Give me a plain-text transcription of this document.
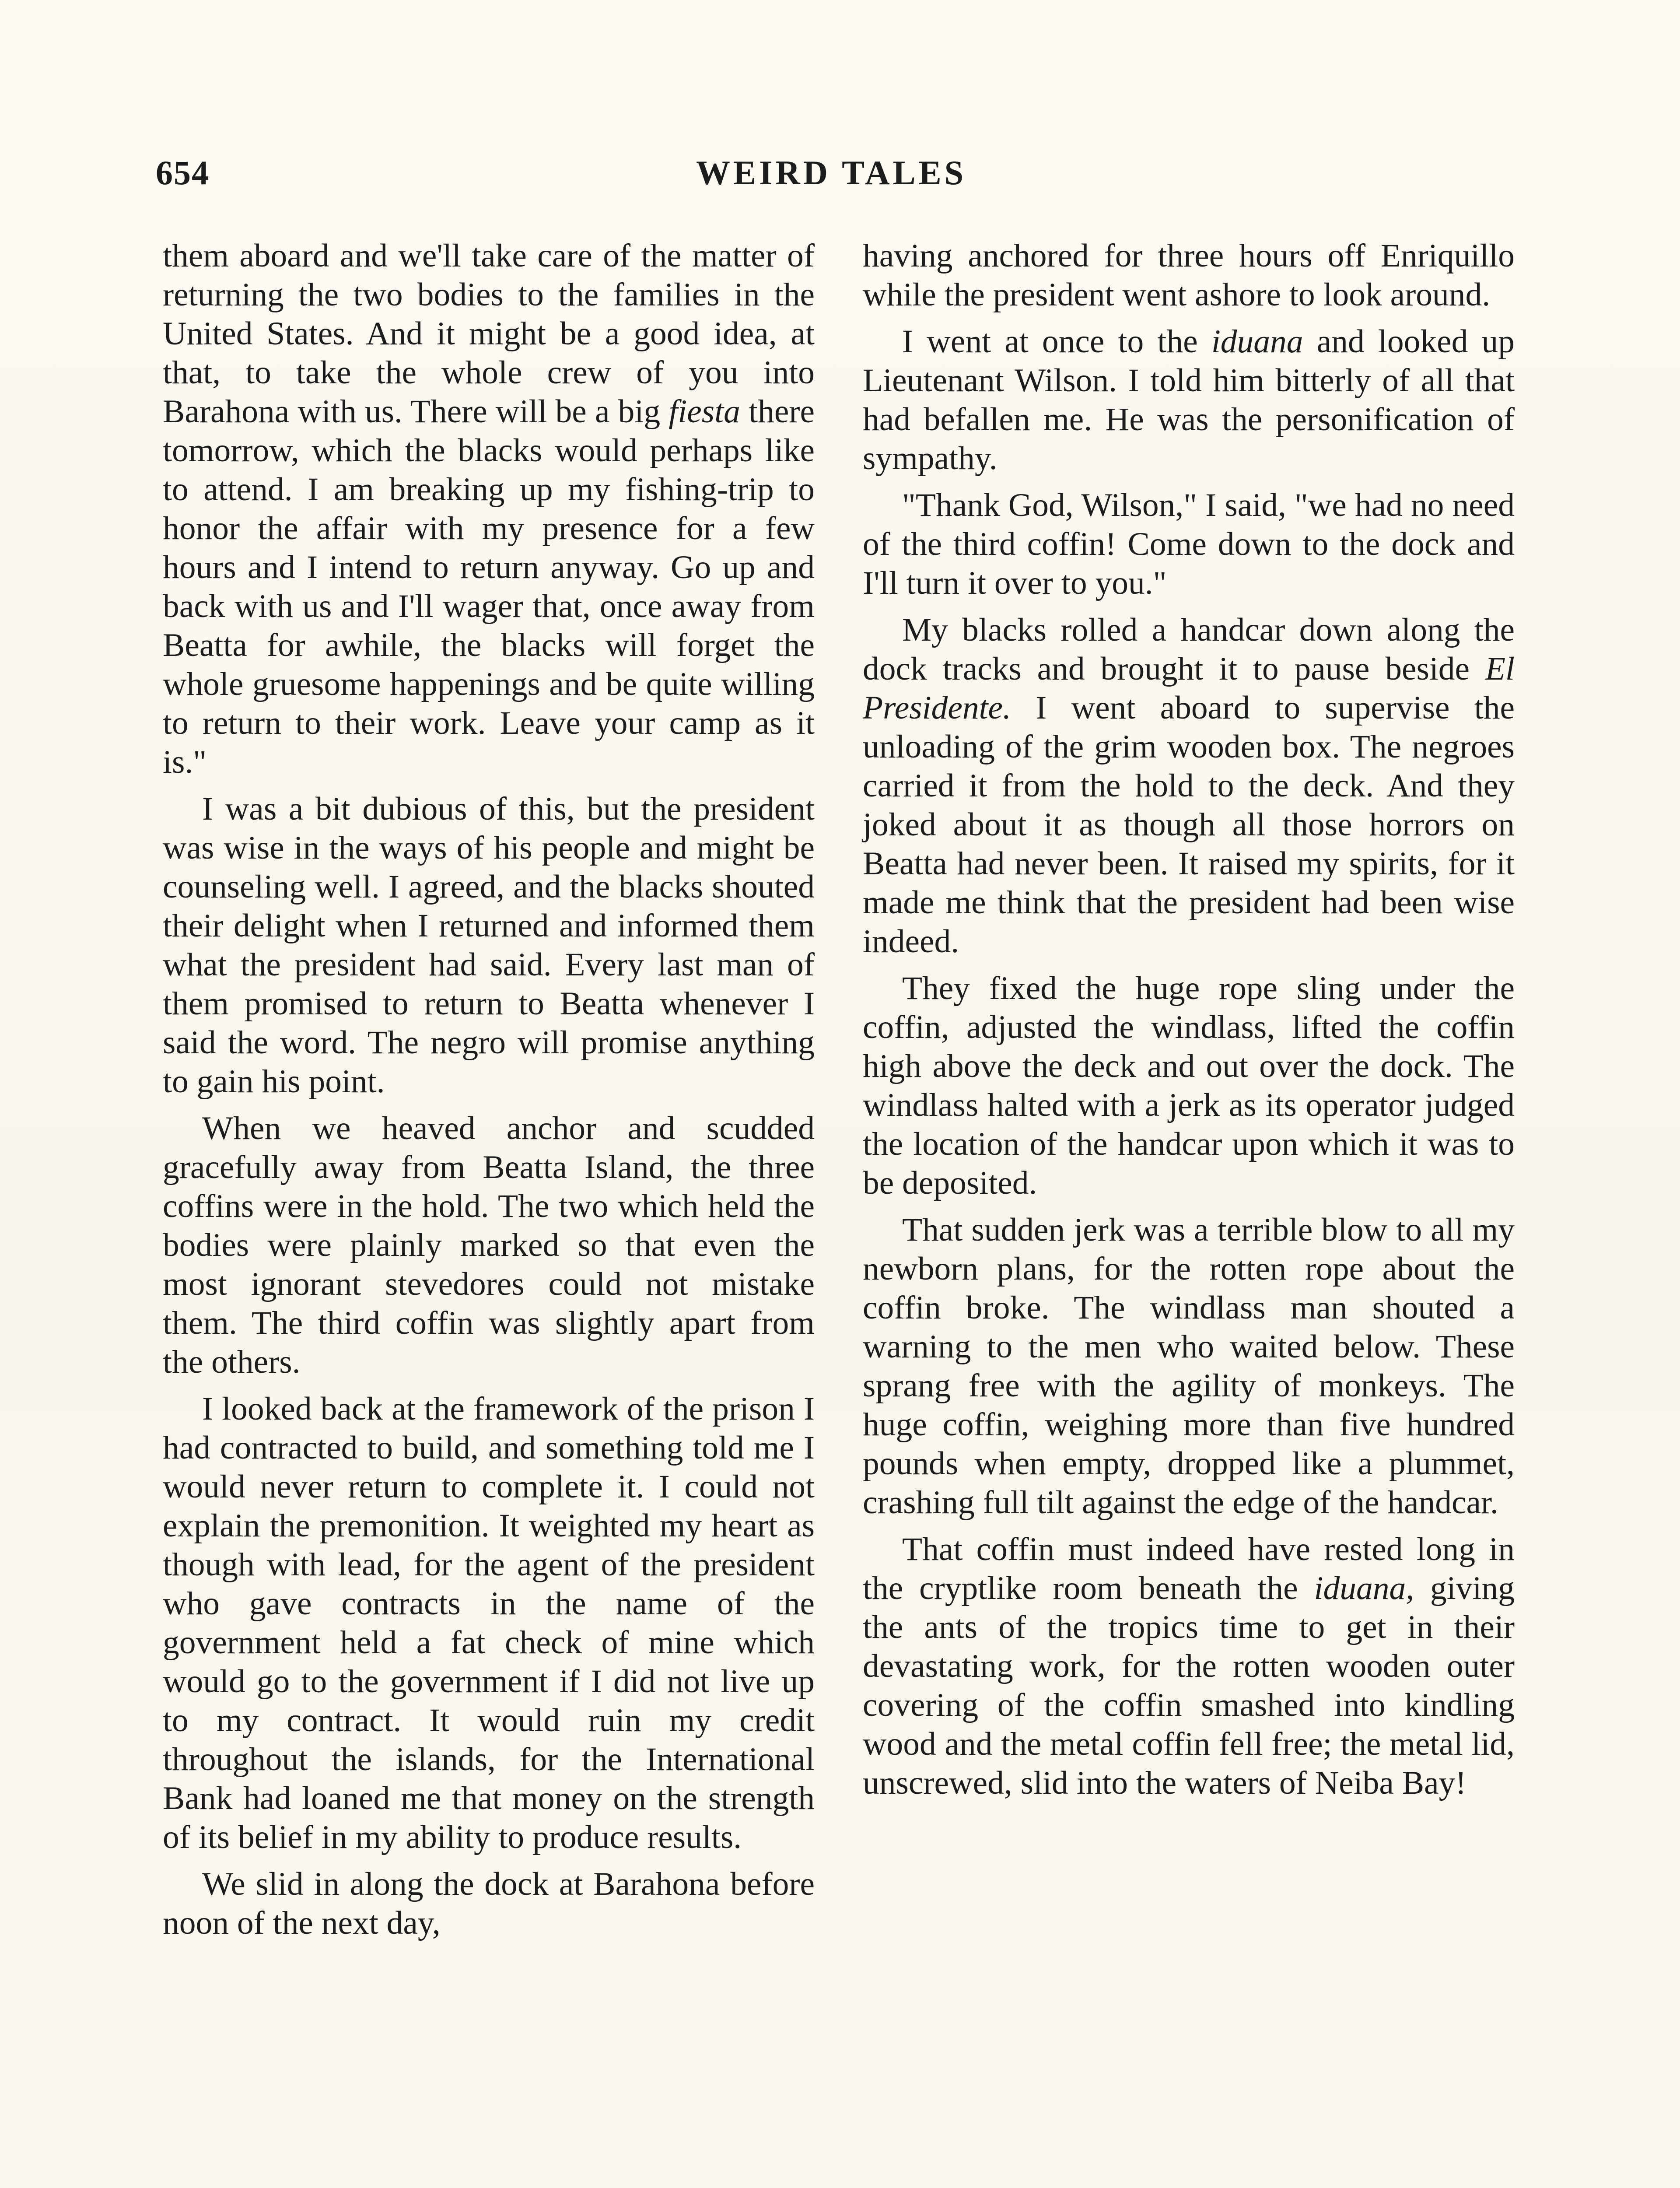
654	WEIRD TALES

them aboard and we'll take care of the matter of returning the two bodies to the families in the United States. And it might be a good idea, at that, to take the whole crew of you into Barahona with us. There will be a big fiesta there tomorrow, which the blacks would perhaps like to attend. I am breaking up my fishing-trip to honor the affair with my presence for a few hours and I intend to return anyway. Go up and back with us and I'll wager that, once away from Beatta for awhile, the blacks will forget the whole gruesome happenings and be quite willing to return to their work. Leave your camp as it is."

I was a bit dubious of this, but the president was wise in the ways of his people and might be counseling well. I agreed, and the blacks shouted their delight when I returned and informed them what the president had said. Every last man of them promised to return to Beatta whenever I said the word. The negro will promise anything to gain his point.

When we heaved anchor and scudded gracefully away from Beatta Island, the three coffins were in the hold. The two which held the bodies were plainly marked so that even the most ignorant stevedores could not mistake them. The third coffin was slightly apart from the others.

I looked back at the framework of the prison I had contracted to build, and something told me I would never return to complete it. I could not explain the premonition. It weighted my heart as though with lead, for the agent of the president who gave contracts in the name of the government held a fat check of mine which would go to the government if I did not live up to my contract. It would ruin my credit throughout the islands, for the International Bank had loaned me that money on the strength of its belief in my ability to produce results.

We slid in along the dock at Barahona before noon of the next day,

having anchored for three hours off Enriquillo while the president went ashore to look around.

I went at once to the iduana and looked up Lieutenant Wilson. I told him bitterly of all that had befallen me. He was the personification of sympathy.

"Thank God, Wilson," I said, "we had no need of the third coffin! Come down to the dock and I'll turn it over to you."

My blacks rolled a handcar down along the dock tracks and brought it to pause beside El Presidente. I went aboard to supervise the unloading of the grim wooden box. The negroes carried it from the hold to the deck. And they joked about it as though all those horrors on Beatta had never been. It raised my spirits, for it made me think that the president had been wise indeed.

They fixed the huge rope sling under the coffin, adjusted the windlass, lifted the coffin high above the deck and out over the dock. The windlass halted with a jerk as its operator judged the location of the handcar upon which it was to be deposited.

That sudden jerk was a terrible blow to all my newborn plans, for the rotten rope about the coffin broke. The windlass man shouted a warning to the men who waited below. These sprang free with the agility of monkeys. The huge coffin, weighing more than five hundred pounds when empty, dropped like a plummet, crashing full tilt against the edge of the handcar.

That coffin must indeed have rested long in the cryptlike room beneath the iduana, giving the ants of the tropics time to get in their devastating work, for the rotten wooden outer covering of the coffin smashed into kindling wood and the metal coffin fell free; the metal lid, unscrewed, slid into the waters of Neiba Bay!
